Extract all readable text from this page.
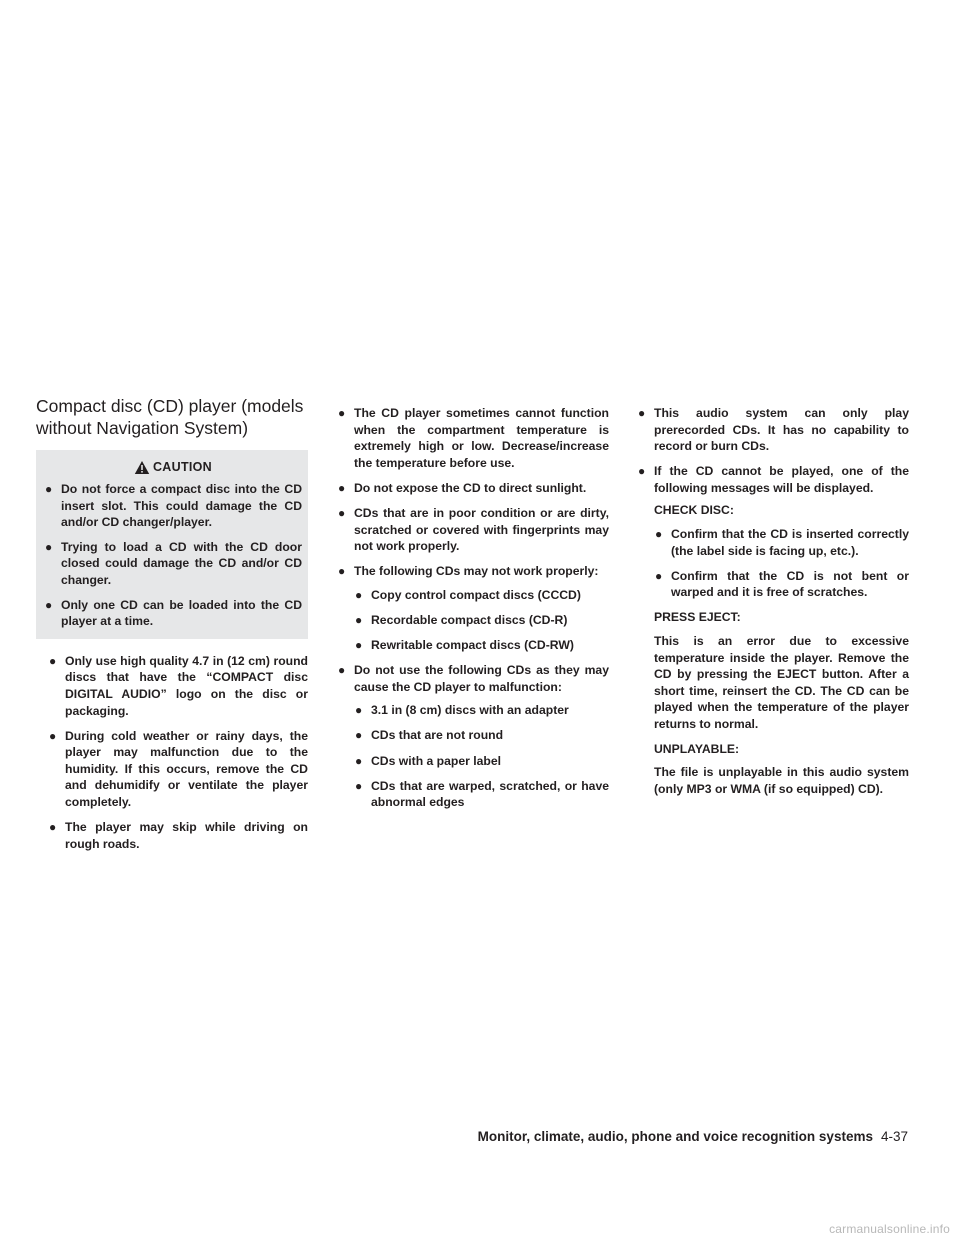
Compact disc (CD) player (models without Navigation System)
CAUTION
● Do not force a compact disc into the CD insert slot. This could damage the CD and/or CD changer/player.
● Trying to load a CD with the CD door closed could damage the CD and/or CD changer.
● Only one CD can be loaded into the CD player at a time.
● Only use high quality 4.7 in (12 cm) round discs that have the “COMPACT disc DIGITAL AUDIO” logo on the disc or packaging.
● During cold weather or rainy days, the player may malfunction due to the humidity. If this occurs, remove the CD and dehumidify or ventilate the player completely.
● The player may skip while driving on rough roads.
● The CD player sometimes cannot function when the compartment temperature is extremely high or low. Decrease/increase the temperature before use.
● Do not expose the CD to direct sunlight.
● CDs that are in poor condition or are dirty, scratched or covered with fingerprints may not work properly.
● The following CDs may not work properly:
● Copy control compact discs (CCCD)
● Recordable compact discs (CD-R)
● Rewritable compact discs (CD-RW)
● Do not use the following CDs as they may cause the CD player to malfunction:
● 3.1 in (8 cm) discs with an adapter
● CDs that are not round
● CDs with a paper label
● CDs that are warped, scratched, or have abnormal edges
● This audio system can only play prerecorded CDs. It has no capability to record or burn CDs.
● If the CD cannot be played, one of the following messages will be displayed.
CHECK DISC:
● Confirm that the CD is inserted correctly (the label side is facing up, etc.).
● Confirm that the CD is not bent or warped and it is free of scratches.
PRESS EJECT:

This is an error due to excessive temperature inside the player. Remove the CD by pressing the EJECT button. After a short time, reinsert the CD. The CD can be played when the temperature of the player returns to normal.

UNPLAYABLE:

The file is unplayable in this audio system (only MP3 or WMA (if so equipped) CD).

Monitor, climate, audio, phone and voice recognition systems 4-37
carmanualsonline.info
